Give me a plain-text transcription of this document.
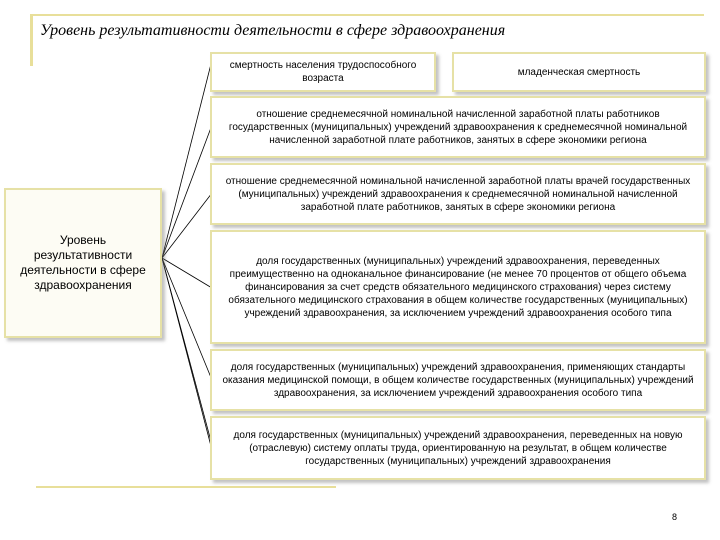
Уровень результативности деятельности в сфере здравоохранения
Уровень результативности деятельности в сфере здравоохранения
смертность населения трудоспособного возраста
младенческая смертность
отношение среднемесячной номинальной начисленной заработной платы работников государственных (муниципальных) учреждений здравоохранения к среднемесячной номинальной начисленной заработной плате работников, занятых в сфере экономики региона
отношение среднемесячной номинальной начисленной заработной платы врачей государственных (муниципальных) учреждений здравоохранения к среднемесячной номинальной начисленной заработной плате работников, занятых в сфере экономики региона
доля государственных (муниципальных) учреждений здравоохранения, переведенных преимущественно на одноканальное финансирование (не менее 70 процентов от общего объема финансирования за счет средств обязательного медицинского страхования) через систему обязательного медицинского страхования в общем количестве государственных (муниципальных) учреждений здравоохранения, за исключением учреждений здравоохранения особого типа
доля государственных (муниципальных) учреждений здравоохранения, применяющих стандарты оказания медицинской помощи, в общем количестве государственных (муниципальных) учреждений здравоохранения, за исключением учреждений здравоохранения особого типа
доля государственных (муниципальных) учреждений здравоохранения, переведенных на новую (отраслевую) систему оплаты труда, ориентированную на результат, в общем количестве государственных (муниципальных) учреждений здравоохранения
8
